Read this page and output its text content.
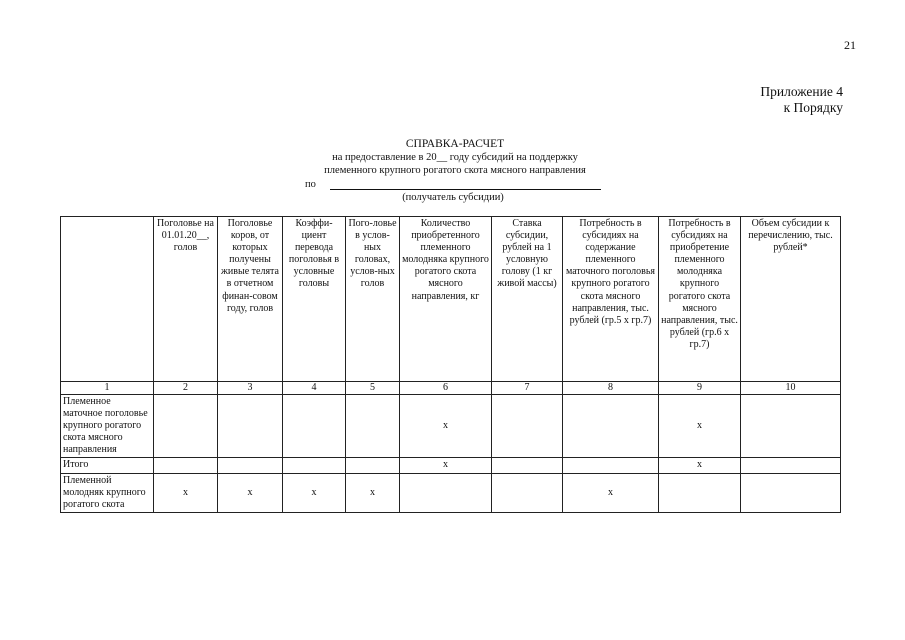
21
Приложение 4
к Порядку
СПРАВКА-РАСЧЕТ
на предоставление в 20__ году субсидий на поддержку
племенного крупного рогатого скота мясного направления
по
(получатель субсидии)
	Поголовье на 01.01.20__, голов	Поголовье коров, от которых получены живые телята в отчетном финан-совом году, голов	Коэффи-циент перевода поголовья в условные головы	Пого-ловье в услов-ных головах, услов-ных голов	Количество приобретенного племенного молодняка крупного рогатого скота мясного направления, кг	Ставка субсидии, рублей на 1 условную голову (1 кг живой массы)	Потребность в субсидиях на содержание племенного маточного поголовья крупного рогатого скота мясного направления, тыс. рублей (гр.5 x гр.7)	Потребность в субсидиях на приобретение племенного молодняка крупного рогатого скота мясного направления, тыс. рублей (гр.6 x гр.7)	Объем субсидии к перечислению, тыс. рублей*
1	2	3	4	5	6	7	8	9	10
Племенное маточное поголовье крупного рогатого скота мясного направления					x			x	
Итого					x			x	
Племенной молодняк крупного рогатого скота	x	x	x	x			x		
